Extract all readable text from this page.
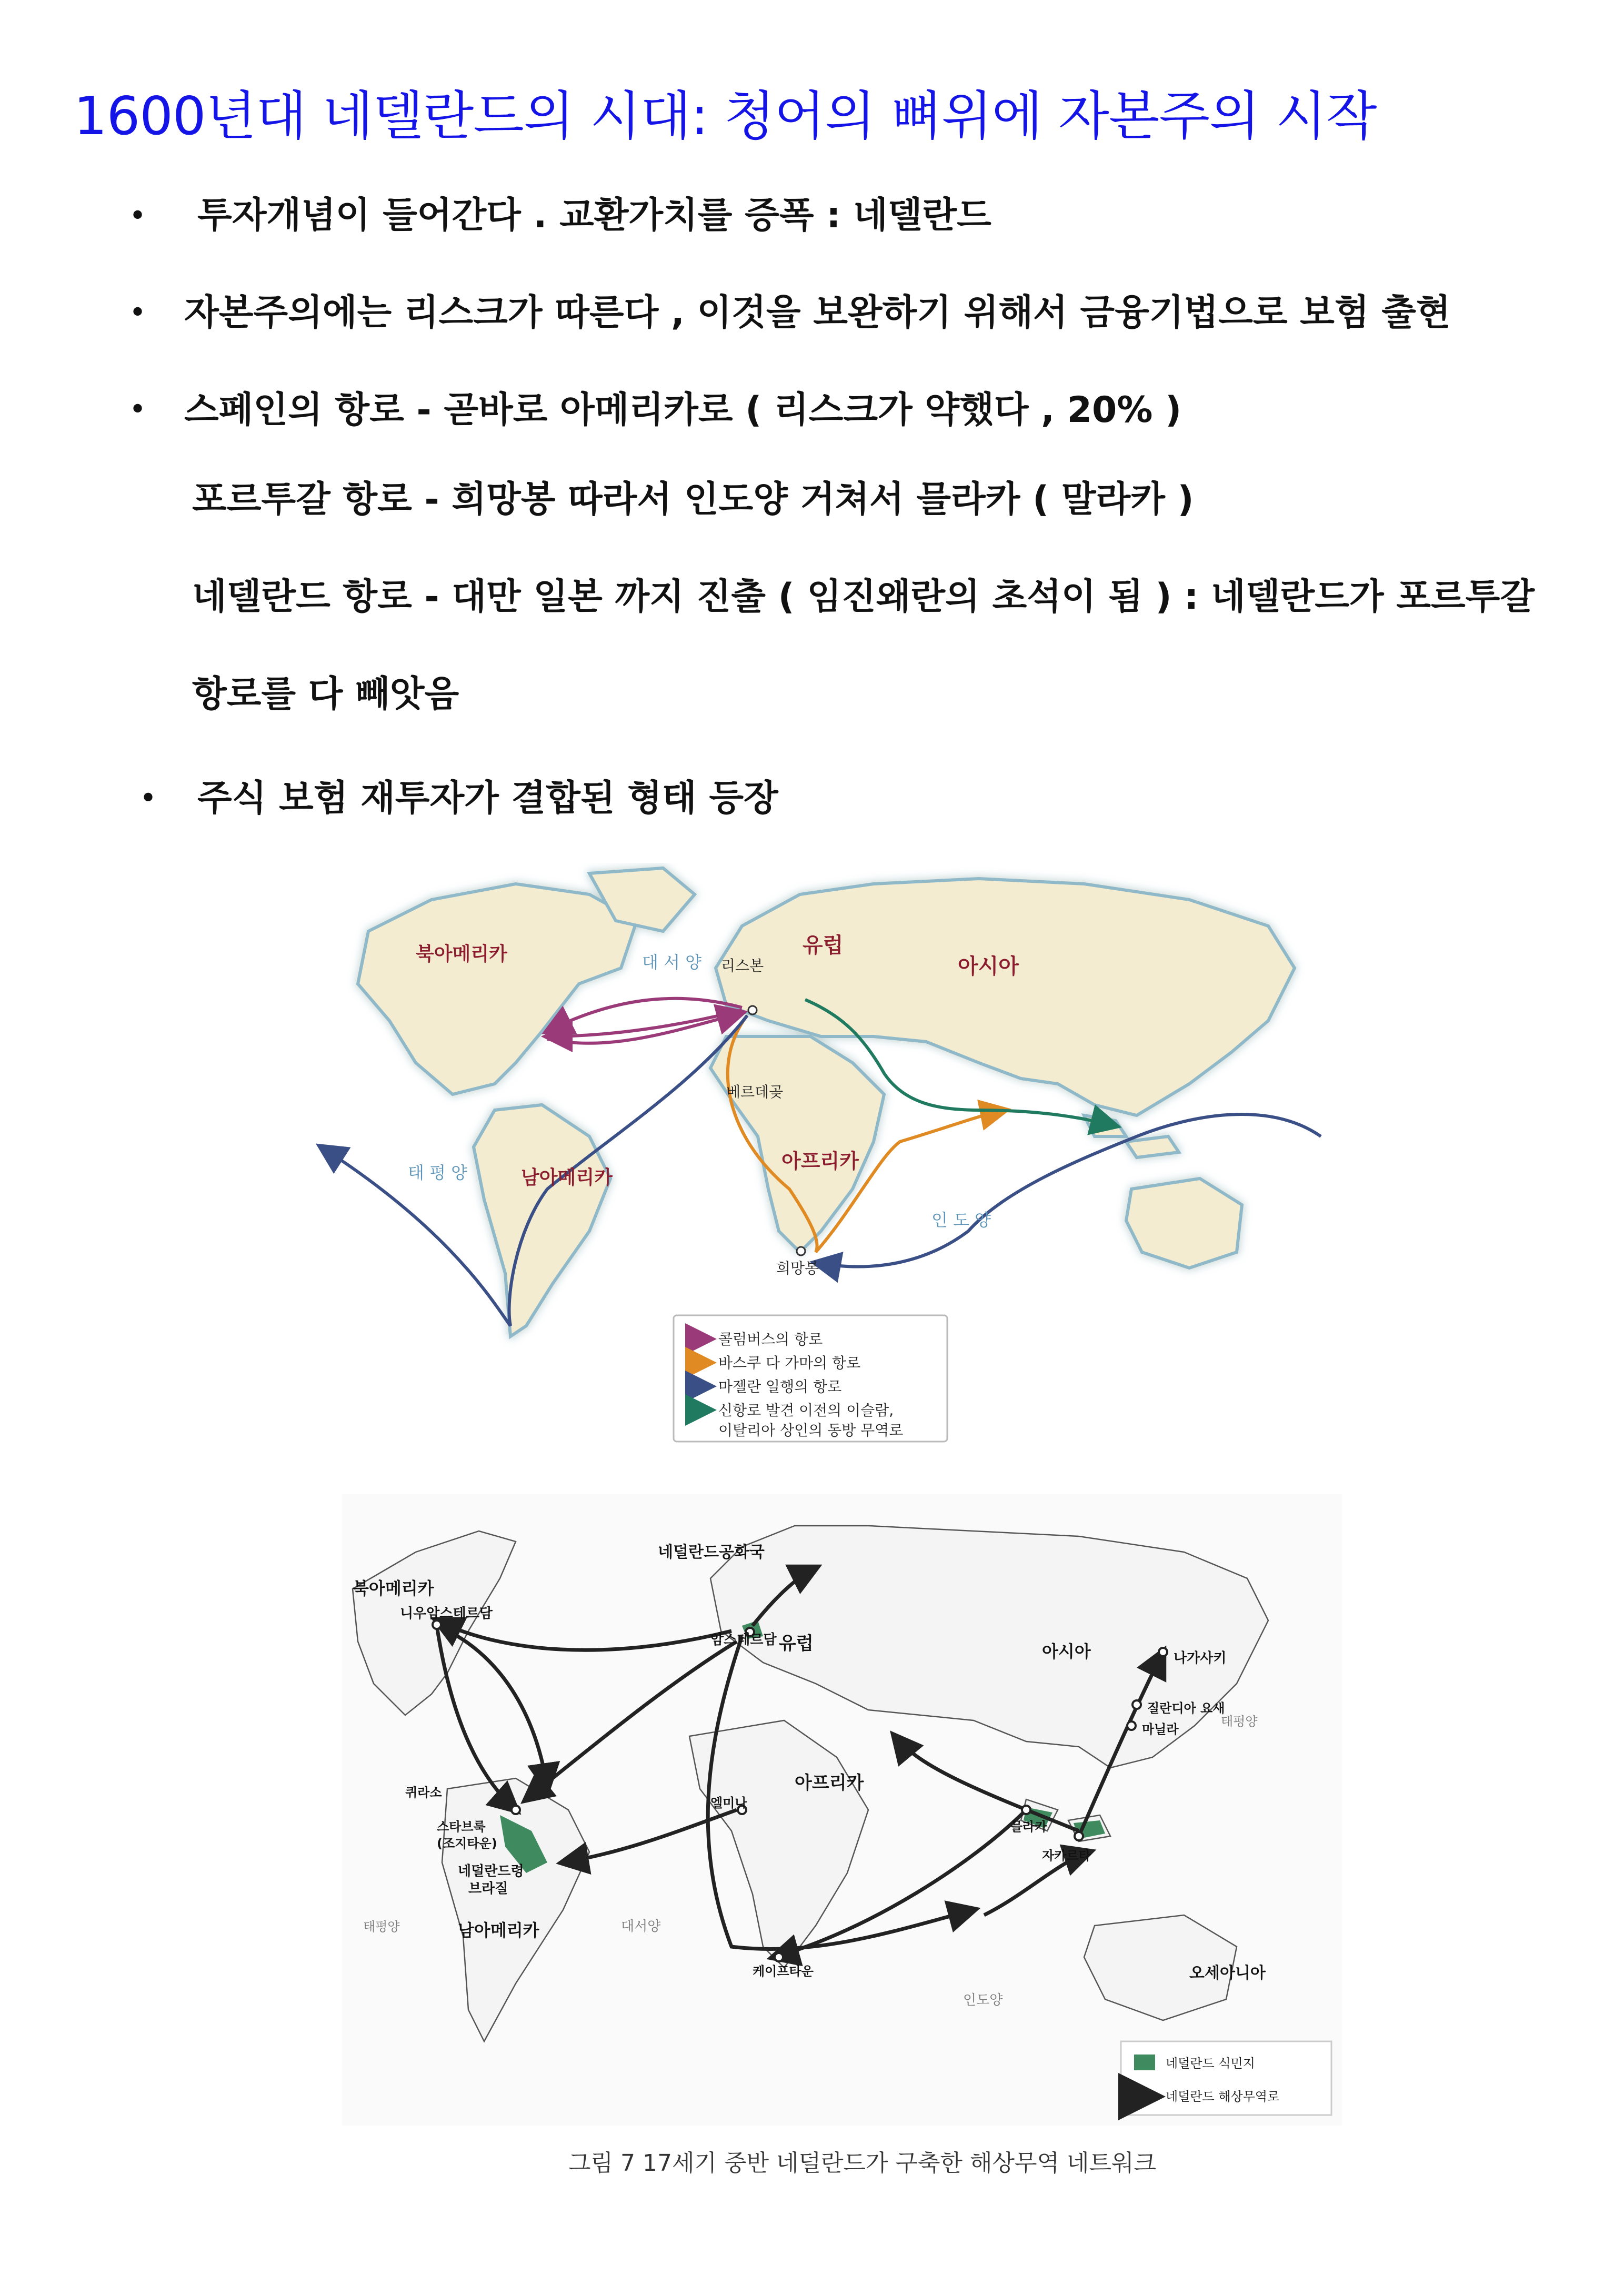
1600년대 네델란드의 시대: 청어의 뼈위에 자본주의 시작
• 투자개념이 들어간다 . 교환가치를 증폭 : 네델란드
• 자본주의에는 리스크가 따른다 , 이것을 보완하기 위해서 금융기법으로 보험 출현
• 스페인의 항로 - 곧바로 아메리카로 ( 리스크가 약했다 , 20% )
포르투갈 항로 - 희망봉 따라서 인도양 거쳐서 믈라카 ( 말라카 )
네델란드 항로 - 대만 일본 까지 진출 ( 임진왜란의 초석이 됨 ) : 네델란드가 포르투갈
항로를 다 빼앗음
• 주식 보험 재투자가 결합된 형태 등장
북아메리카
남아메리카
유럽
아시아
아프리카
대 서 양
태 평 양
인 도 양
리스본
베르데곶
희망봉
콜럼버스의 항로
바스쿠 다 가마의 항로
마젤란 일행의 항로
신항로 발견 이전의 이슬람,
이탈리아 상인의 동방 무역로
네덜란드공화국
암스테르담 유럽
북아메리카
니우암스테르담
아시아	나가사키
질란디아 요새
마닐라
태평양
아프리카
퀴라소
스타브룩
(조지타운)
네덜란드령
브라질
엘미나
믈라카
자카르타
태평양	대서양
남아메리카
오세아니아
케이프타운
인도양
네덜란드 식민지
네덜란드 해상무역로
그림 7 17세기 중반 네덜란드가 구축한 해상무역 네트워크
